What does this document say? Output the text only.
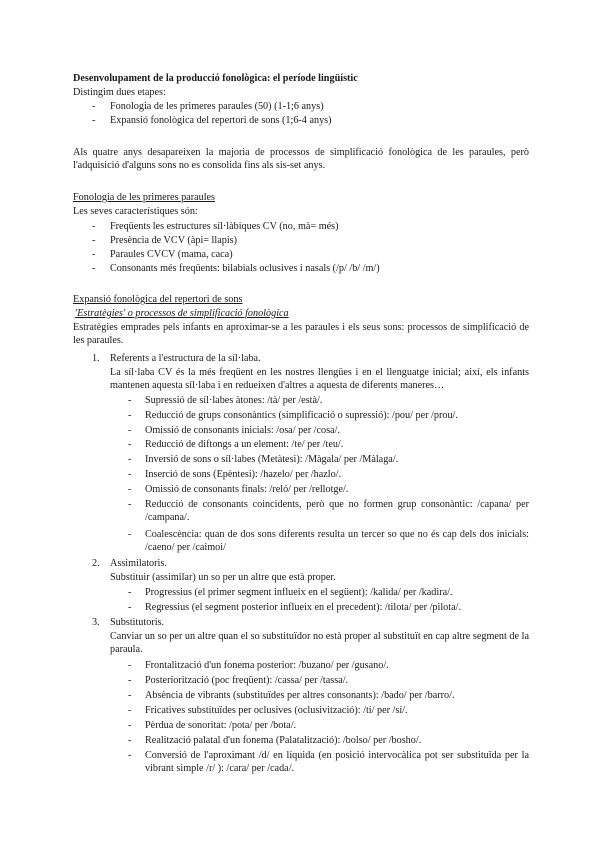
Desenvolupament de la producció fonològica: el període lingüístic
Distingim dues etapes:
- Fonologia de les primeres paraules (50) (1-1;6 anys)
- Expansió fonològica del repertori de sons (1;6-4 anys)
Als quatre anys desapareixen la majoria de processos de simplificació fonològica de les paraules, però l'adquisició d'alguns sons no es consolida fins als sis-set anys.
Fonologia de les primeres paraules
Les seves característiques són:
- Freqüents les estructures síl·làbiques CV (no, mà= més)
- Presència de VCV (àpi= llapis)
- Paraules CVCV (mama, caca)
- Consonants més freqüents: bilabials oclusives i nasals (/p/ /b/ /m/)
Expansió fonològica del repertori de sons
'Estratègies' o processos de simplificació fonològica
Estratègies emprades pels infants en aproximar-se a les paraules i els seus sons: processos de simplificació de les paraules.
1. Referents a l'estructura de la síl·laba.
La síl·laba CV és la més freqüent en les nostres llengües i en el llenguatge inicial; així, els infants mantenen aquesta síl·laba i en redueixen d'altres a aquesta de diferents maneres…
- Supressió de síl·labes àtones: /tà/ per /està/.
- Reducció de grups consonàntics (simplificació o supressió): /pou/ per /prou/.
- Omissió de consonants inicials: /osa/ per /cosa/.
- Reducció de diftongs a un element: /te/ per /teu/.
- Inversió de sons o síl·labes (Metàtesi): /Màgala/ per /Màlaga/.
- Inserció de sons (Epèntesi): /hazelo/ per /hazlo/.
- Omissió de consonants finals: /reló/ per /rellotge/.
- Reducció de consonants coincidents, però que no formen grup consonàntic: /capana/ per /campana/.
- Coalescència: quan de dos sons diferents resulta un tercer so que no és cap dels dos inicials: /caeno/ per /caimoi/
2. Assimilatoris.
Substituir (assimilar) un so per un altre que està proper.
- Progressius (el primer segment influeix en el següent): /kalida/ per /kadira/.
- Regressius (el segment posterior influeix en el precedent): /tilota/ per /pilota/.
3. Substitutoris.
Canviar un so per un altre quan el so substituïdor no està proper al substituït en cap altre segment de la paraula.
- Frontalització d'un fonema posterior: /buzano/ per /gusano/.
- Posteriorització (poc freqüent): /cassa/ per /tassa/.
- Absència de vibrants (substituïdes per altres consonants): /bado/ per /barro/.
- Fricatives substituïdes per oclusives (oclusivització): /tí/ per /sí/.
- Pèrdua de sonoritat: /pota/ per /bota/.
- Realització palatal d'un fonema (Palatalització): /bolso/ per /bosho/.
- Conversió de l'aproximant /d/ en líquida (en posició intervocàlica pot ser substituïda per la vibrant simple /r/ ): /cara/ per /cada/.
